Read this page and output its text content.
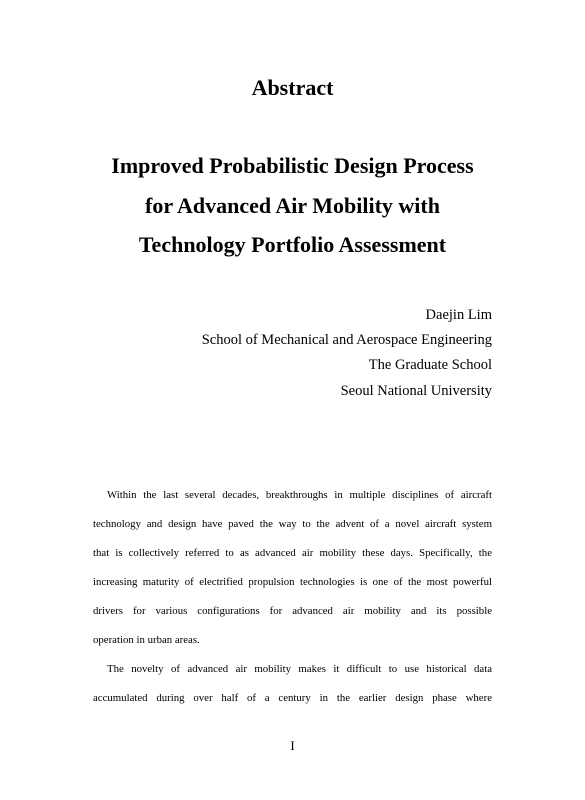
Abstract
Improved Probabilistic Design Process
for Advanced Air Mobility with
Technology Portfolio Assessment
Daejin Lim
School of Mechanical and Aerospace Engineering
The Graduate School
Seoul National University
Within the last several decades, breakthroughs in multiple disciplines of aircraft
technology and design have paved the way to the advent of a novel aircraft system
that is collectively referred to as advanced air mobility these days. Specifically, the
increasing maturity of electrified propulsion technologies is one of the most powerful
drivers for various configurations for advanced air mobility and its possible
operation in urban areas.
The novelty of advanced air mobility makes it difficult to use historical data
accumulated during over half of a century in the earlier design phase where
I
